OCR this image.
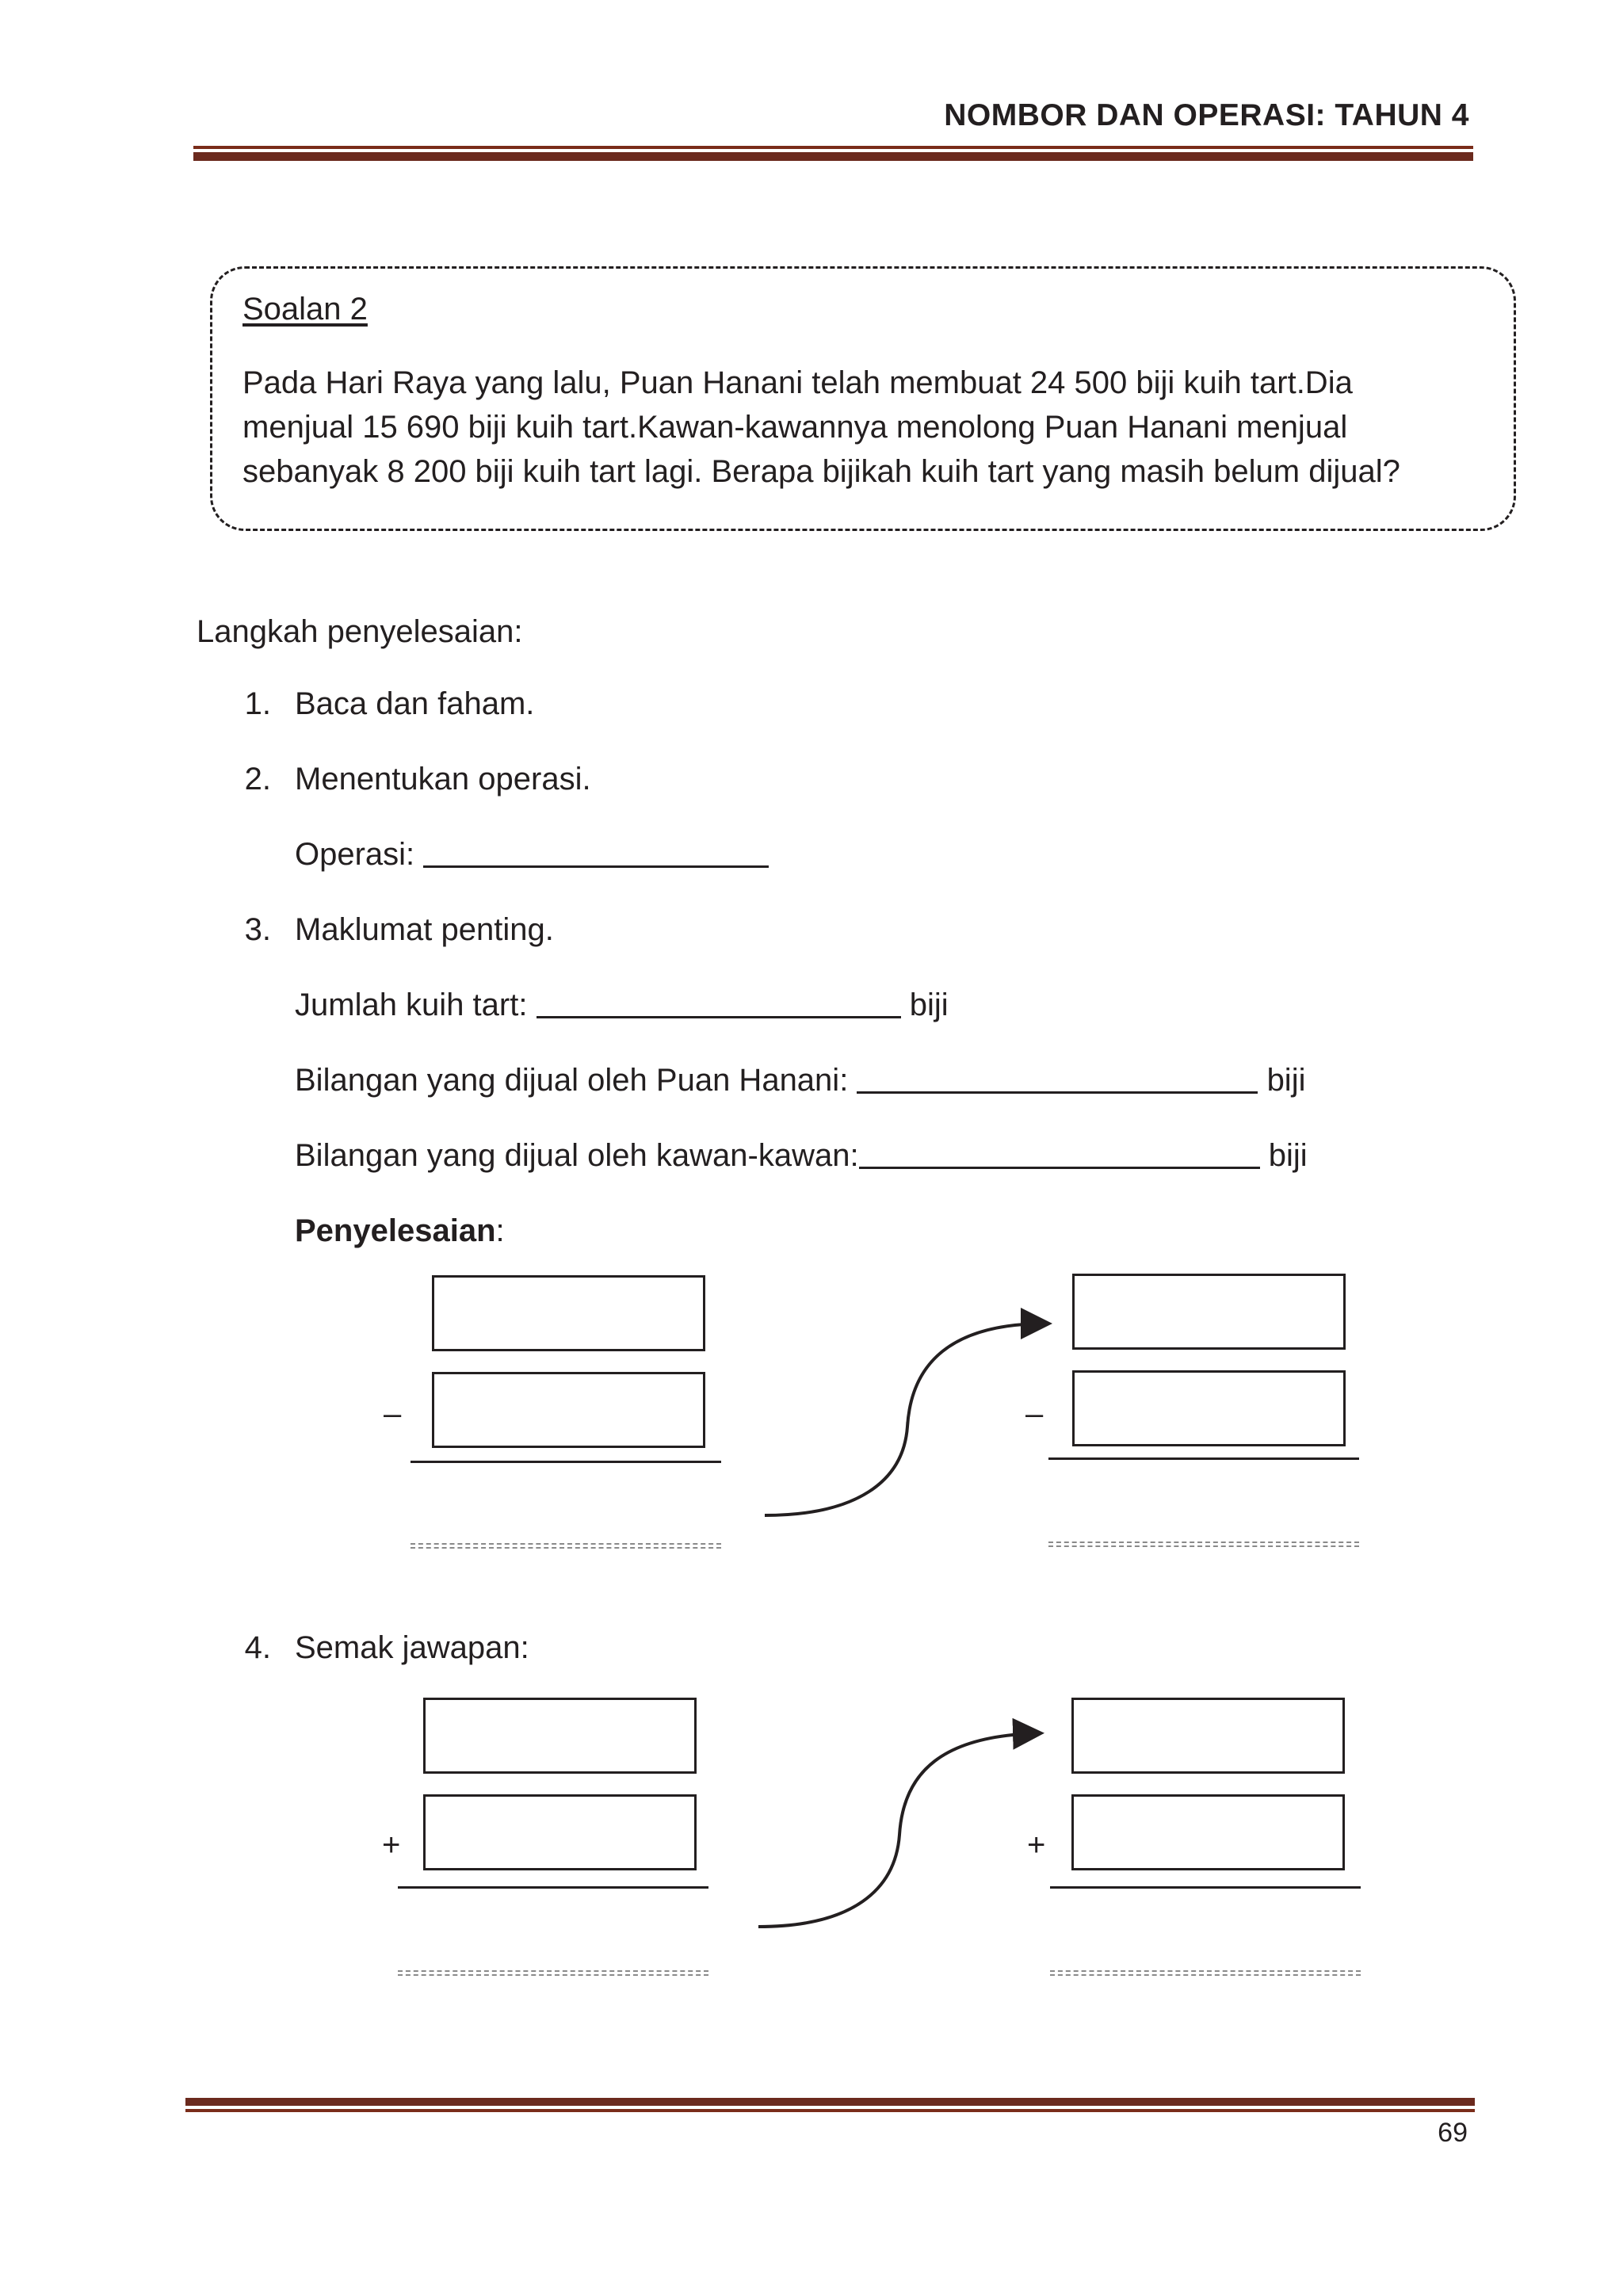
NOMBOR DAN OPERASI: TAHUN 4
Soalan 2
Pada Hari Raya yang lalu, Puan Hanani telah membuat 24 500 biji kuih tart.Dia
menjual 15 690 biji kuih tart.Kawan-kawannya menolong Puan Hanani menjual
sebanyak 8 200 biji kuih tart lagi. Berapa bijikah kuih tart yang masih belum dijual?
Langkah penyelesaian:
1. Baca dan faham.
2. Menentukan operasi.
Operasi:
3. Maklumat penting.
Jumlah kuih tart:	biji
Bilangan yang dijual oleh Puan Hanani:	biji
Bilangan yang dijual oleh kawan-kawan:	biji
Penyelesaian:
–	–
4. Semak jawapan:
+	+
69
